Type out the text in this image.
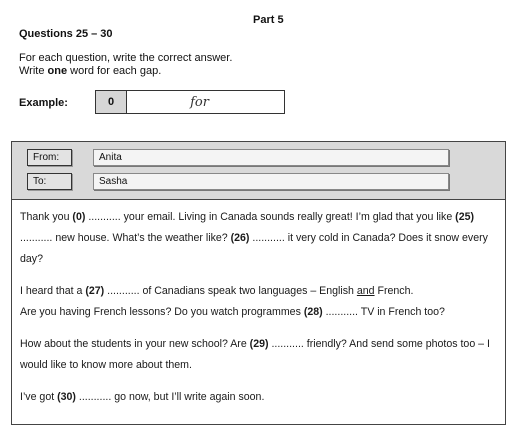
Part 5
Questions 25 – 30
For each question, write the correct answer.
Write one word for each gap.
Example:	0	for
From:	Anita
To:	Sasha

Thank you (0) ........... your email. Living in Canada sounds really great! I’m glad that you like (25) ........... new house. What’s the weather like? (26) ........... it very cold in Canada? Does it snow every day?

I heard that a (27) ........... of Canadians speak two languages – English and French.
Are you having French lessons? Do you watch programmes (28) ........... TV in French too?

How about the students in your new school? Are (29) ........... friendly? And send some photos too – I would like to know more about them.

I’ve got (30) ........... go now, but I’ll write again soon.
